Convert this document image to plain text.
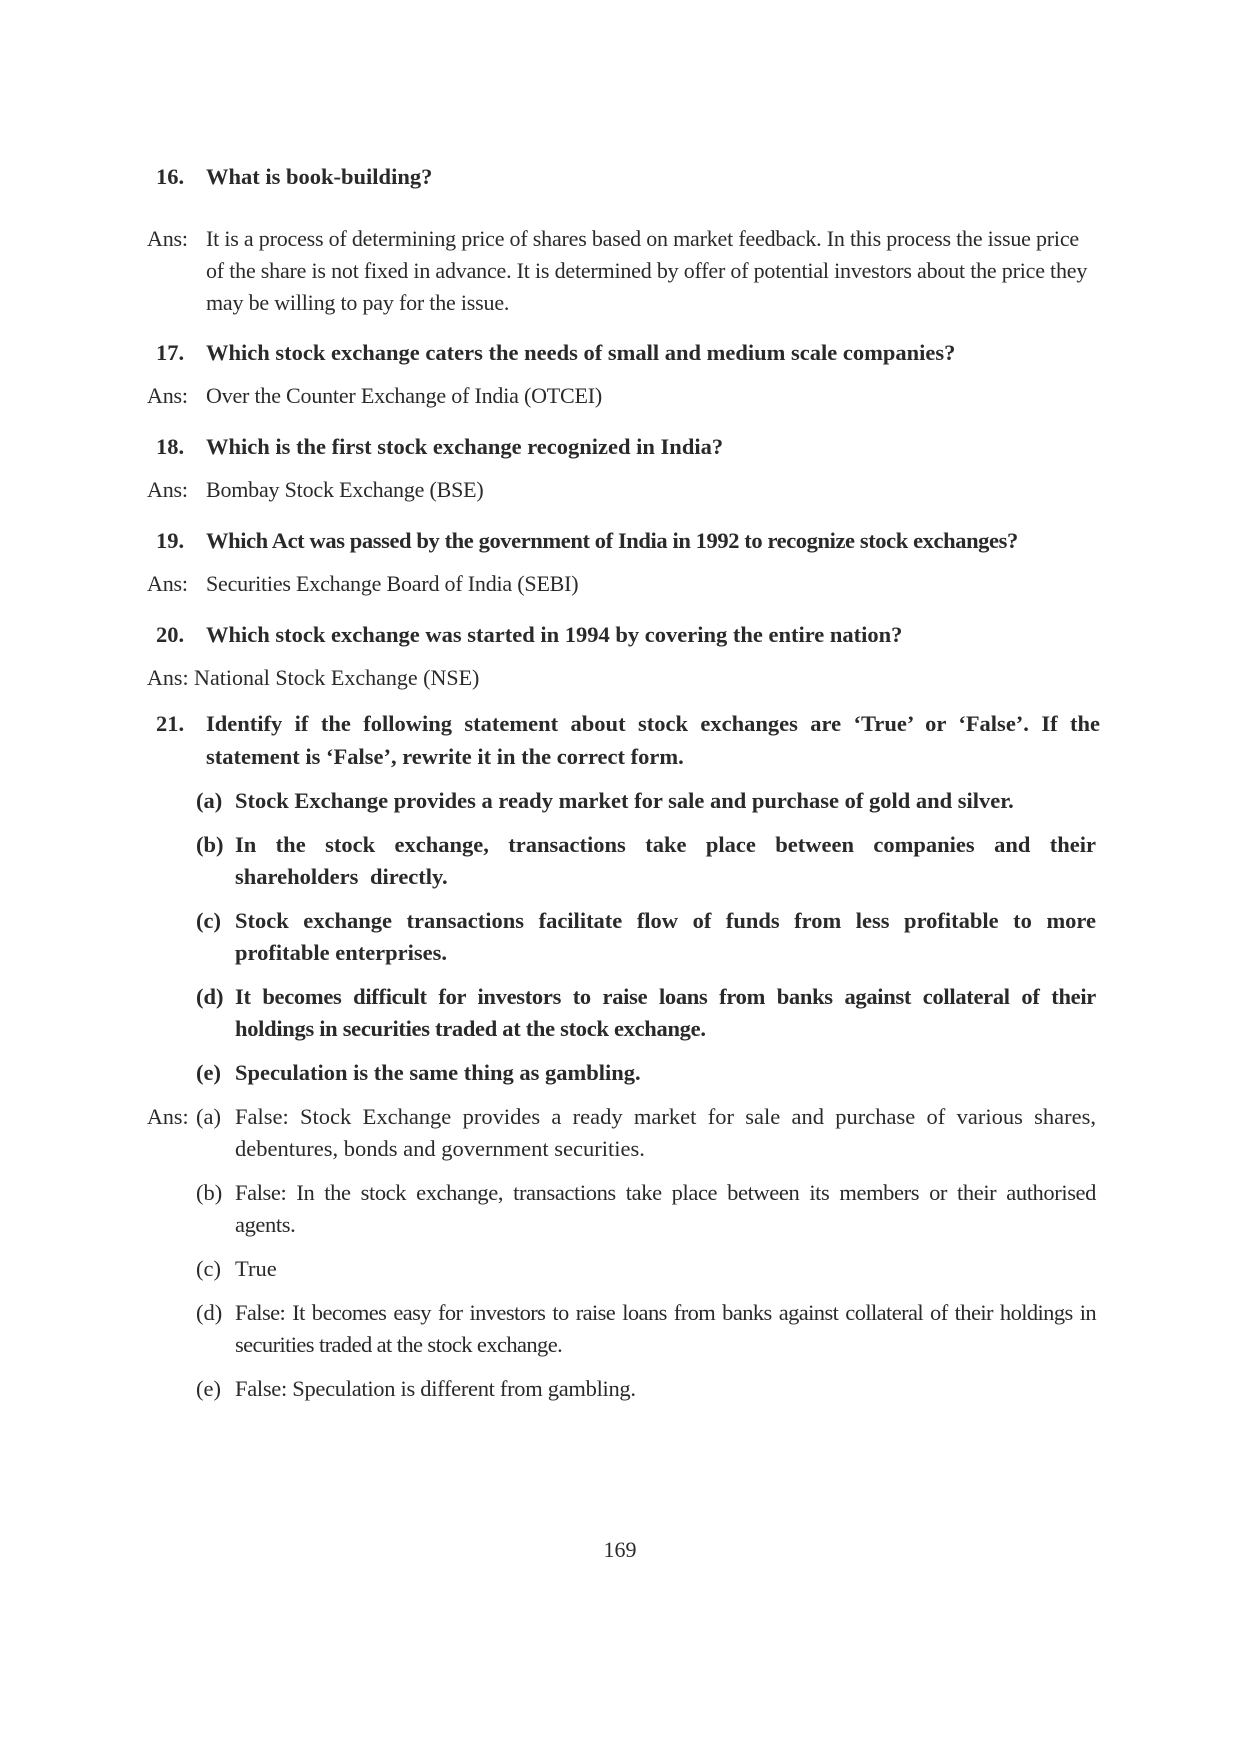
16. What is book-building?
Ans: It is a process of determining price of shares based on market feedback. In this process the issue price of the share is not fixed in advance. It is determined by offer of potential investors about the price they may be willing to pay for the issue.
17. Which stock exchange caters the needs of small and medium scale companies?
Ans: Over the Counter Exchange of India (OTCEI)
18. Which is the first stock exchange recognized in India?
Ans: Bombay Stock Exchange (BSE)
19. Which Act was passed by the government of India in 1992 to recognize stock exchanges?
Ans: Securities Exchange Board of India (SEBI)
20. Which stock exchange was started in 1994 by covering the entire nation?
Ans: National Stock Exchange (NSE)
21. Identify if the following statement about stock exchanges are ‘True’ or ‘False’. If the statement is ‘False’, rewrite it in the correct form.
(a) Stock Exchange provides a ready market for sale and purchase of gold and silver.
(b) In the stock exchange, transactions take place between companies and their shareholders directly.
(c) Stock exchange transactions facilitate flow of funds from less profitable to more profitable enterprises.
(d) It becomes difficult for investors to raise loans from banks against collateral of their holdings in securities traded at the stock exchange.
(e) Speculation is the same thing as gambling.
Ans: (a) False: Stock Exchange provides a ready market for sale and purchase of various shares, debentures, bonds and government securities.
(b) False: In the stock exchange, transactions take place between its members or their authorised agents.
(c) True
(d) False: It becomes easy for investors to raise loans from banks against collateral of their holdings in securities traded at the stock exchange.
(e) False: Speculation is different from gambling.
169
